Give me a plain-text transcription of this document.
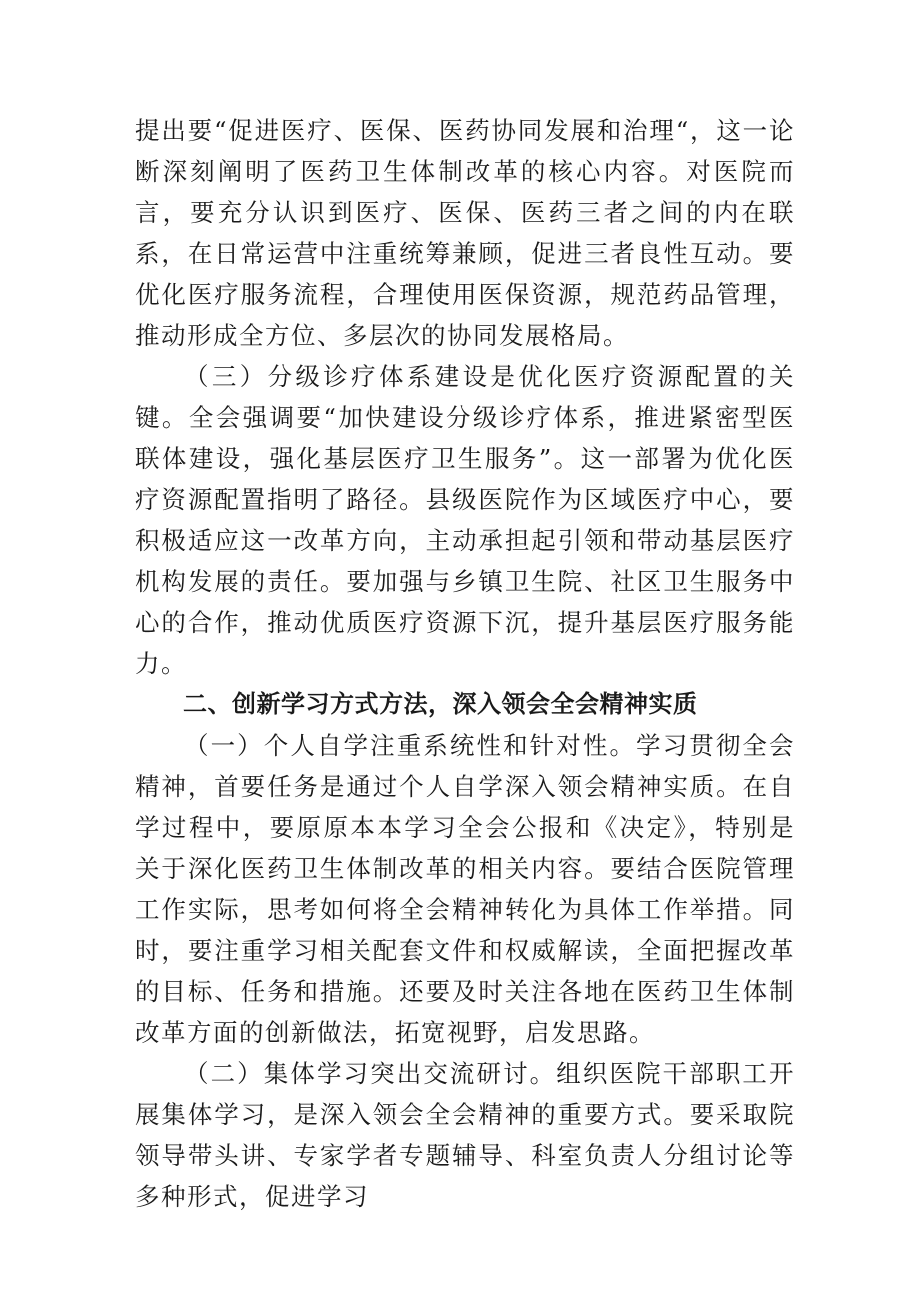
提出要“促进医疗、医保、医药协同发展和治理“，这一论断深刻阐明了医药卫生体制改革的核心内容。对医院而言，要充分认识到医疗、医保、医药三者之间的内在联系，在日常运营中注重统筹兼顾，促进三者良性互动。要优化医疗服务流程，合理使用医保资源，规范药品管理，推动形成全方位、多层次的协同发展格局。

（三）分级诊疗体系建设是优化医疗资源配置的关键。全会强调要“加快建设分级诊疗体系，推进紧密型医联体建设，强化基层医疗卫生服务”。这一部署为优化医疗资源配置指明了路径。县级医院作为区域医疗中心，要积极适应这一改革方向，主动承担起引领和带动基层医疗机构发展的责任。要加强与乡镇卫生院、社区卫生服务中心的合作，推动优质医疗资源下沉，提升基层医疗服务能力。

二、创新学习方式方法，深入领会全会精神实质

（一）个人自学注重系统性和针对性。学习贯彻全会精神，首要任务是通过个人自学深入领会精神实质。在自学过程中，要原原本本学习全会公报和《决定》，特别是关于深化医药卫生体制改革的相关内容。要结合医院管理工作实际，思考如何将全会精神转化为具体工作举措。同时，要注重学习相关配套文件和权威解读，全面把握改革的目标、任务和措施。还要及时关注各地在医药卫生体制改革方面的创新做法，拓宽视野，启发思路。

（二）集体学习突出交流研讨。组织医院干部职工开展集体学习，是深入领会全会精神的重要方式。要采取院领导带头讲、专家学者专题辅导、科室负责人分组讨论等多种形式，促进学习
